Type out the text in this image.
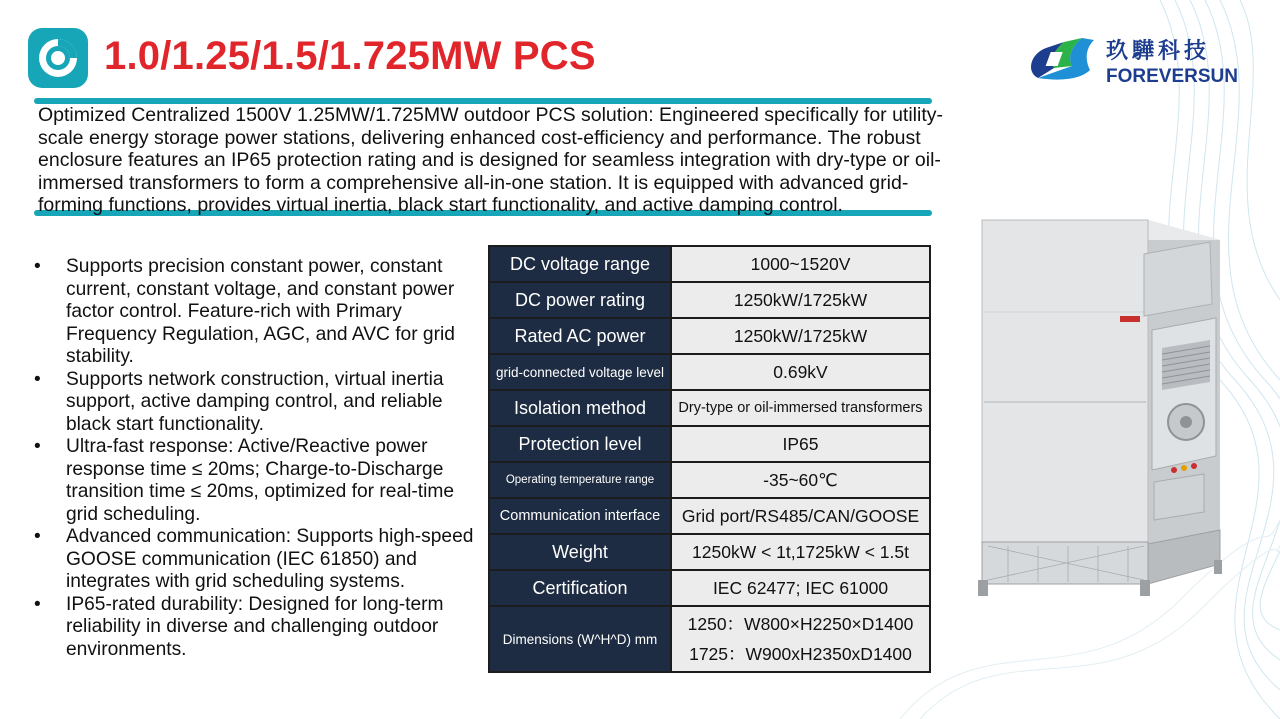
1.0/1.25/1.5/1.725MW PCS	玖驊科技
FOREVERSUN
Optimized Centralized 1500V 1.25MW/1.725MW outdoor PCS solution: Engineered specifically for utility-scale energy storage power stations, delivering enhanced cost-efficiency and performance. The robust enclosure features an IP65 protection rating and is designed for seamless integration with dry-type or oil-immersed transformers to form a comprehensive all-in-one station. It is equipped with advanced grid-forming functions, provides virtual inertia, black start functionality, and active damping control.
• Supports precision constant power, constant current, constant voltage, and constant power factor control. Feature-rich with Primary Frequency Regulation, AGC, and AVC for grid stability.
• Supports network construction, virtual inertia support, active damping control, and reliable black start functionality.
• Ultra-fast response: Active/Reactive power response time ≤ 20ms; Charge-to-Discharge transition time ≤ 20ms, optimized for real-time grid scheduling.
• Advanced communication: Supports high-speed GOOSE communication (IEC 61850) and integrates with grid scheduling systems.
• IP65-rated durability: Designed for long-term reliability in diverse and challenging outdoor environments.
DC voltage range	1000~1520V
DC power rating	1250kW/1725kW
Rated AC power	1250kW/1725kW
grid-connected voltage level	0.69kV
Isolation method	Dry-type or oil-immersed transformers
Protection level	IP65
Operating temperature range	-35~60℃
Communication interface	Grid port/RS485/CAN/GOOSE
Weight	1250kW < 1t,1725kW < 1.5t
Certification	IEC 62477; IEC 61000
Dimensions (W^H^D) mm	1250：W800×H2250×D1400
1725：W900xH2350xD1400
